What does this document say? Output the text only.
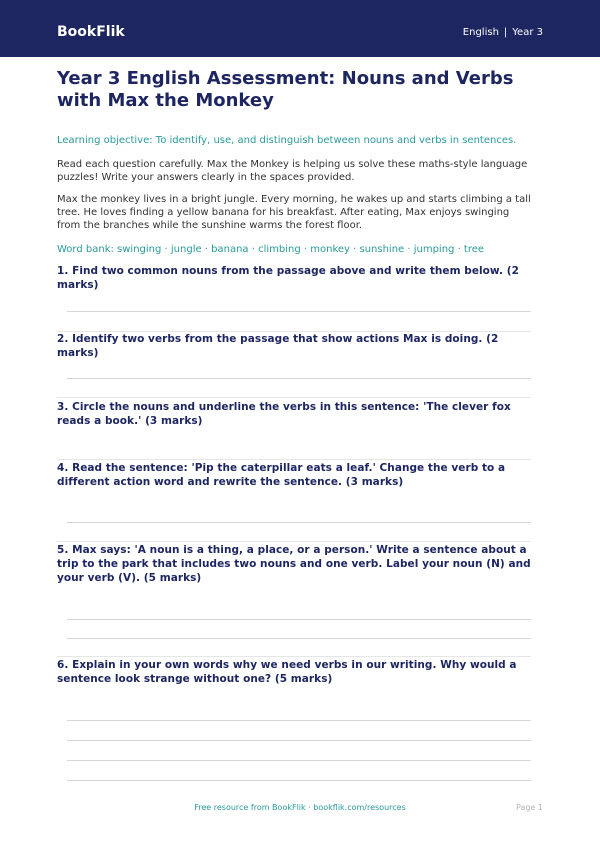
BookFlik	English | Year 3
Year 3 English Assessment: Nouns and Verbs with Max the Monkey

Learning objective: To identify, use, and distinguish between nouns and verbs in sentences.

Read each question carefully. Max the Monkey is helping us solve these maths-style language puzzles! Write your answers clearly in the spaces provided.

Max the monkey lives in a bright jungle. Every morning, he wakes up and starts climbing a tall tree. He loves finding a yellow banana for his breakfast. After eating, Max enjoys swinging from the branches while the sunshine warms the forest floor.

Word bank: swinging · jungle · banana · climbing · monkey · sunshine · jumping · tree

1. Find two common nouns from the passage above and write them below. (2 marks)

2. Identify two verbs from the passage that show actions Max is doing. (2 marks)

3. Circle the nouns and underline the verbs in this sentence: 'The clever fox reads a book.' (3 marks)

4. Read the sentence: 'Pip the caterpillar eats a leaf.' Change the verb to a different action word and rewrite the sentence. (3 marks)

5. Max says: 'A noun is a thing, a place, or a person.' Write a sentence about a trip to the park that includes two nouns and one verb. Label your noun (N) and your verb (V). (5 marks)

6. Explain in your own words why we need verbs in our writing. Why would a sentence look strange without one? (5 marks)

Free resource from BookFlik · bookflik.com/resources	Page 1
